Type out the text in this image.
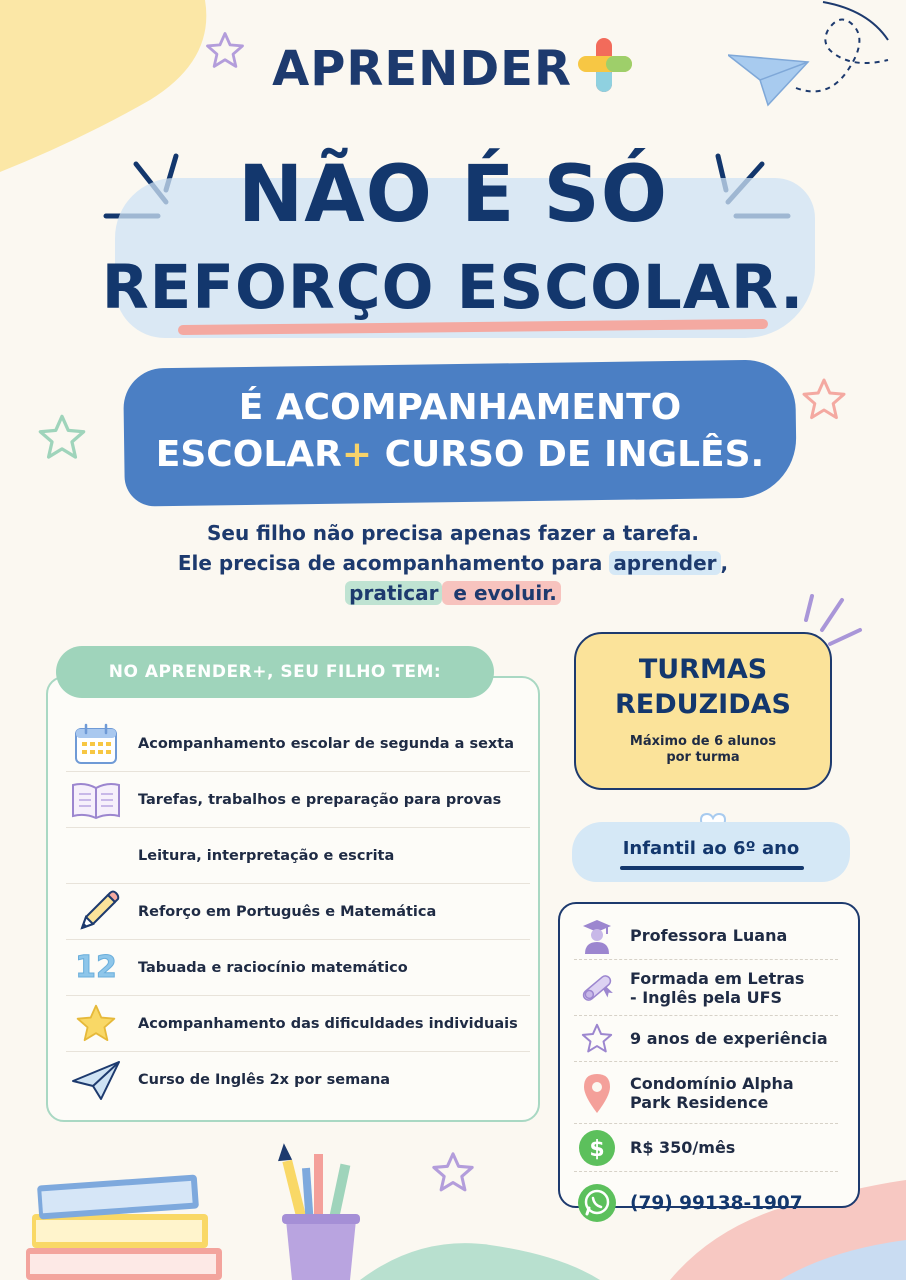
APRENDER
NÃO É SÓ
REFORÇO ESCOLAR.
É ACOMPANHAMENTO
ESCOLAR+ CURSO DE INGLÊS.
Seu filho não precisa apenas fazer a tarefa.
Ele precisa de acompanhamento para aprender ,
praticar e evoluir.
NO APRENDER+, SEU FILHO TEM:
Acompanhamento escolar de segunda a sexta
Tarefas, trabalhos e preparação para provas
Leitura, interpretação e escrita
Reforço em Português e Matemática
12 Tabuada e raciocínio matemático
Acompanhamento das dificuldades individuais
Curso de Inglês 2x por semana
TURMAS
REDUZIDAS
Máximo de 6 alunos
por turma
Infantil ao 6º ano
Professora Luana
Formada em Letras
- Inglês pela UFS
9 anos de experiência
Condomínio Alpha
Park Residence
$ R$ 350/mês
(79) 99138-1907
